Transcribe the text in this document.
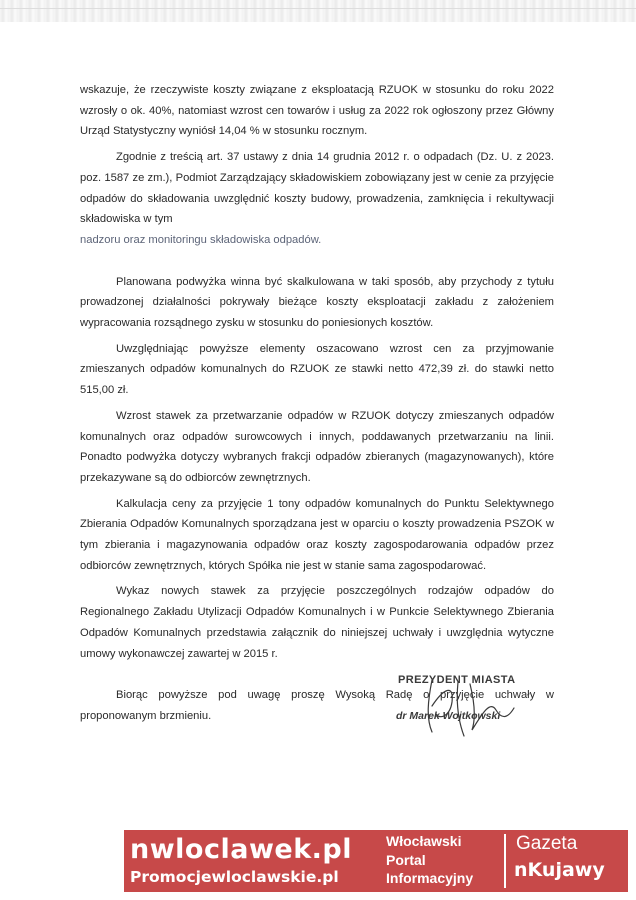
wskazuje, że rzeczywiste koszty związane z eksploatacją RZUOK w stosunku do roku 2022 wzrosły o ok. 40%, natomiast wzrost cen towarów i usług za 2022 rok ogłoszony przez Główny Urząd Statystyczny wyniósł 14,04 % w stosunku rocznym.

Zgodnie z treścią art. 37 ustawy z dnia 14 grudnia 2012 r. o odpadach (Dz. U. z 2023. poz. 1587 ze zm.), Podmiot Zarządzający składowiskiem zobowiązany jest w cenie za przyjęcie odpadów do składowania uwzględnić koszty budowy, prowadzenia, zamknięcia i rekultywacji składowiska w tym

nadzoru oraz monitoringu składowiska odpadów.

Planowana podwyżka winna być skalkulowana w taki sposób, aby przychody z tytułu prowadzonej działalności pokrywały bieżące koszty eksploatacji zakładu z założeniem wypracowania rozsądnego zysku w stosunku do poniesionych kosztów.

Uwzględniając powyższe elementy oszacowano wzrost cen za przyjmowanie zmieszanych odpadów komunalnych do RZUOK ze stawki netto 472,39 zł. do stawki netto 515,00 zł.

Wzrost stawek za przetwarzanie odpadów w RZUOK dotyczy zmieszanych odpadów komunalnych oraz odpadów surowcowych i innych, poddawanych przetwarzaniu na linii. Ponadto podwyżka dotyczy wybranych frakcji odpadów zbieranych (magazynowanych), które przekazywane są do odbiorców zewnętrznych.

Kalkulacja ceny za przyjęcie 1 tony odpadów komunalnych do Punktu Selektywnego Zbierania Odpadów Komunalnych sporządzana jest w oparciu o koszty prowadzenia PSZOK w tym zbierania i magazynowania odpadów oraz koszty zagospodarowania odpadów przez odbiorców zewnętrznych, których Spółka nie jest w stanie sama zagospodarować.

Wykaz nowych stawek za przyjęcie poszczególnych rodzajów odpadów do Regionalnego Zakładu Utylizacji Odpadów Komunalnych i w Punkcie Selektywnego Zbierania Odpadów Komunalnych przedstawia załącznik do niniejszej uchwały i uwzględnia wytyczne umowy wykonawczej zawartej w 2015 r.

Biorąc powyższe pod uwagę proszę Wysoką Radę o przyjęcie uchwały w proponowanym brzmieniu.

PREZYDENT MIASTA
dr Marek Wojtkowski
nwloclawek.pl
Promocjewloclawskie.pl
Włocławski
Portal
Informacyjny
Gazeta
nKujawy
